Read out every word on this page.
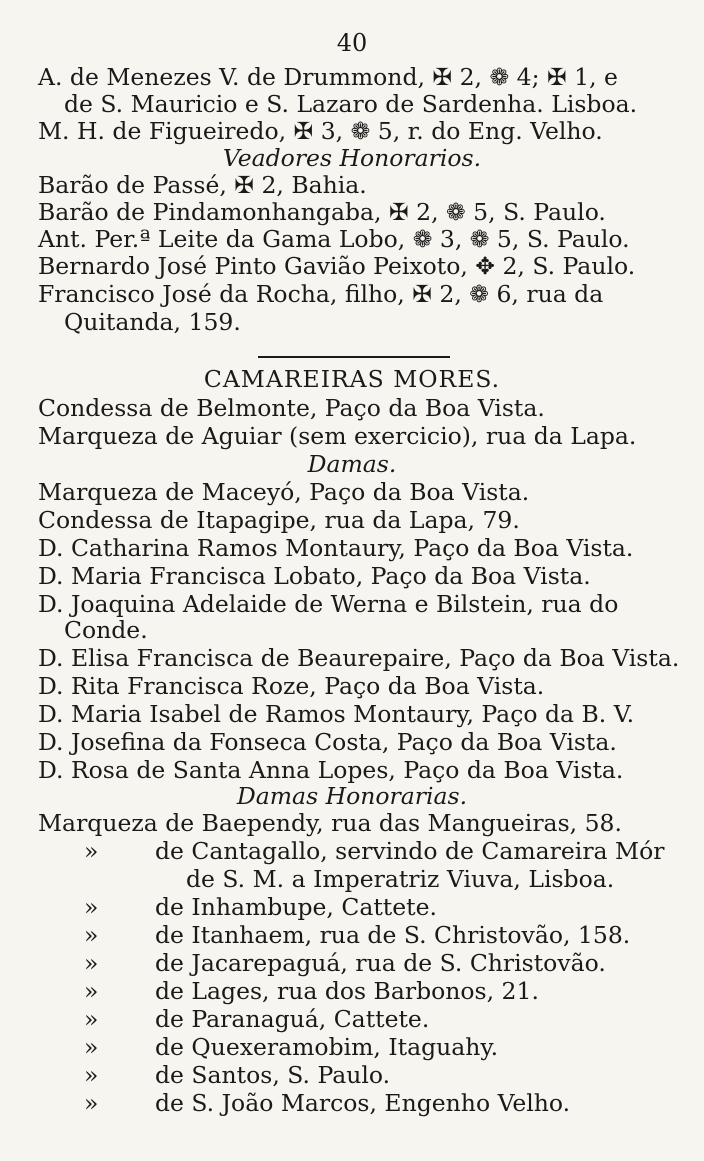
40
A. de Menezes V. de Drummond, ✠ 2, ❁ 4; ✠ 1, e
de S. Mauricio e S. Lazaro de Sardenha. Lisboa.
M. H. de Figueiredo, ✠ 3, ❁ 5, r. do Eng. Velho.
Veadores Honorarios.
Barão de Passé, ✠ 2, Bahia.
Barão de Pindamonhangaba, ✠ 2, ❁ 5, S. Paulo.
Ant. Per.ª Leite da Gama Lobo, ❁ 3, ❁ 5, S. Paulo.
Bernardo José Pinto Gavião Peixoto, ✥ 2, S. Paulo.
Francisco José da Rocha, filho, ✠ 2, ❁ 6, rua da
Quitanda, 159.
CAMAREIRAS MORES.
Condessa de Belmonte, Paço da Boa Vista.
Marqueza de Aguiar (sem exercicio), rua da Lapa.
Damas.
Marqueza de Maceyó, Paço da Boa Vista.
Condessa de Itapagipe, rua da Lapa, 79.
D. Catharina Ramos Montaury, Paço da Boa Vista.
D. Maria Francisca Lobato, Paço da Boa Vista.
D. Joaquina Adelaide de Werna e Bilstein, rua do
Conde.
D. Elisa Francisca de Beaurepaire, Paço da Boa Vista.
D. Rita Francisca Roze, Paço da Boa Vista.
D. Maria Isabel de Ramos Montaury, Paço da B. V.
D. Josefina da Fonseca Costa, Paço da Boa Vista.
D. Rosa de Santa Anna Lopes, Paço da Boa Vista.
Damas Honorarias.
Marqueza de Baependy, rua das Mangueiras, 58.
» de Cantagallo, servindo de Camareira Mór
de S. M. a Imperatriz Viuva, Lisboa.
» de Inhambupe, Cattete.
» de Itanhaem, rua de S. Christovão, 158.
» de Jacarepaguá, rua de S. Christovão.
» de Lages, rua dos Barbonos, 21.
» de Paranaguá, Cattete.
» de Quexeramobim, Itaguahy.
» de Santos, S. Paulo.
» de S. João Marcos, Engenho Velho.
